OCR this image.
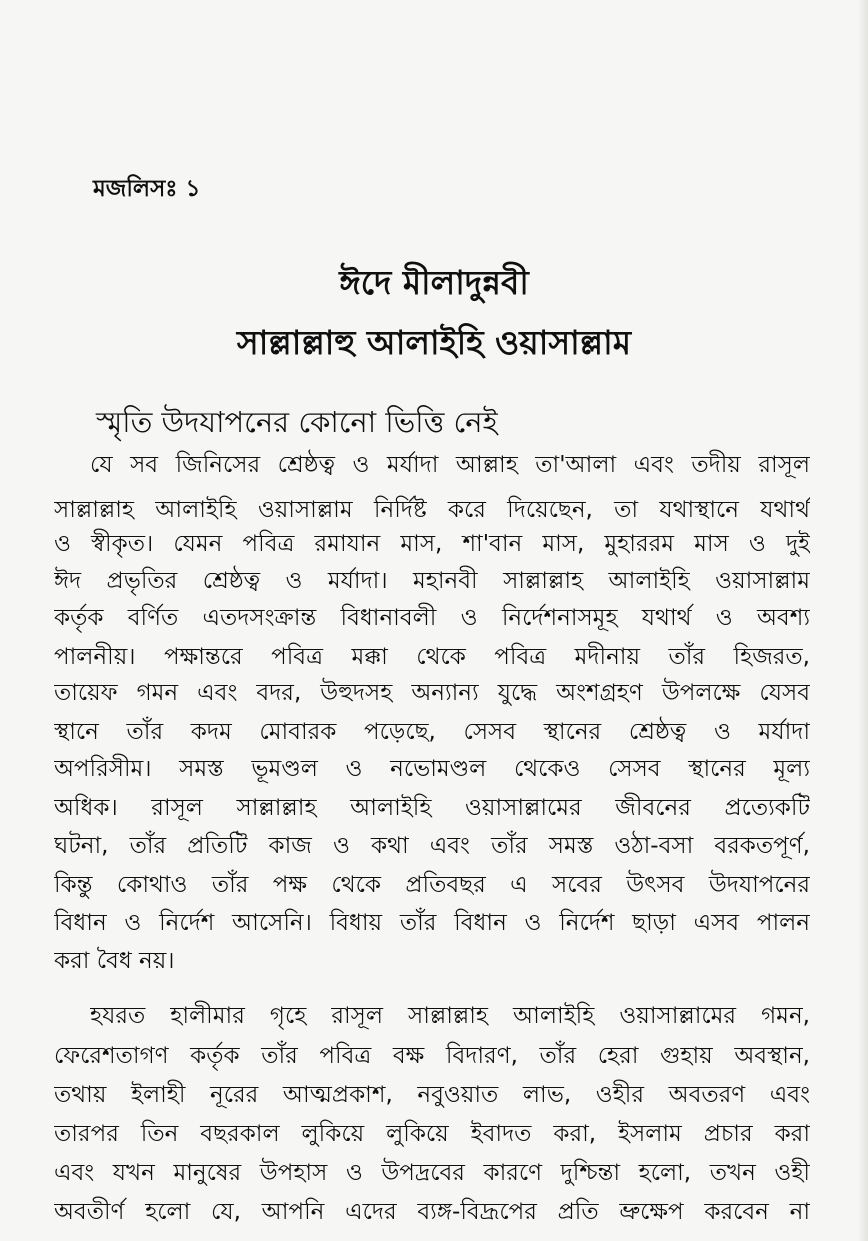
মজলিসঃ ১
ঈদে মীলাদুন্নবী
সাল্লাল্লাহু আলাইহি ওয়াসাল্লাম
স্মৃতি উদযাপনের কোনো ভিত্তি নেই
যে সব জিনিসের শ্রেষ্ঠত্ব ও মর্যাদা আল্লাহ তা'আলা এবং তদীয় রাসূল
সাল্লাল্লাহ আলাইহি ওয়াসাল্লাম নির্দিষ্ট করে দিয়েছেন, তা যথাস্থানে যথার্থ
ও স্বীকৃত। যেমন পবিত্র রমাযান মাস, শা'বান মাস, মুহাররম মাস ও দুই
ঈদ প্রভৃতির শ্রেষ্ঠত্ব ও মর্যাদা। মহানবী সাল্লাল্লাহ আলাইহি ওয়াসাল্লাম
কর্তৃক বর্ণিত এতদসংক্রান্ত বিধানাবলী ও নির্দেশনাসমূহ যথার্থ ও অবশ্য
পালনীয়। পক্ষান্তরে পবিত্র মক্কা থেকে পবিত্র মদীনায় তাঁর হিজরত,
তায়েফ গমন এবং বদর, উহুদসহ অন্যান্য যুদ্ধে অংশগ্রহণ উপলক্ষে যেসব
স্থানে তাঁর কদম মোবারক পড়েছে, সেসব স্থানের শ্রেষ্ঠত্ব ও মর্যাদা
অপরিসীম। সমস্ত ভূমণ্ডল ও নভোমণ্ডল থেকেও সেসব স্থানের মূল্য
অধিক। রাসূল সাল্লাল্লাহ আলাইহি ওয়াসাল্লামের জীবনের প্রত্যেকটি
ঘটনা, তাঁর প্রতিটি কাজ ও কথা এবং তাঁর সমস্ত ওঠা-বসা বরকতপূর্ণ,
কিন্তু কোথাও তাঁর পক্ষ থেকে প্রতিবছর এ সবের উৎসব উদযাপনের
বিধান ও নির্দেশ আসেনি। বিধায় তাঁর বিধান ও নির্দেশ ছাড়া এসব পালন
করা বৈধ নয়।
হযরত হালীমার গৃহে রাসূল সাল্লাল্লাহ আলাইহি ওয়াসাল্লামের গমন,
ফেরেশতাগণ কর্তৃক তাঁর পবিত্র বক্ষ বিদারণ, তাঁর হেরা গুহায় অবস্থান,
তথায় ইলাহী নূরের আত্মপ্রকাশ, নবুওয়াত লাভ, ওহীর অবতরণ এবং
তারপর তিন বছরকাল লুকিয়ে লুকিয়ে ইবাদত করা, ইসলাম প্রচার করা
এবং যখন মানুষের উপহাস ও উপদ্রবের কারণে দুশ্চিন্তা হলো, তখন ওহী
অবতীর্ণ হলো যে, আপনি এদের ব্যঙ্গ-বিদ্রূপের প্রতি ভ্রুক্ষেপ করবেন না
